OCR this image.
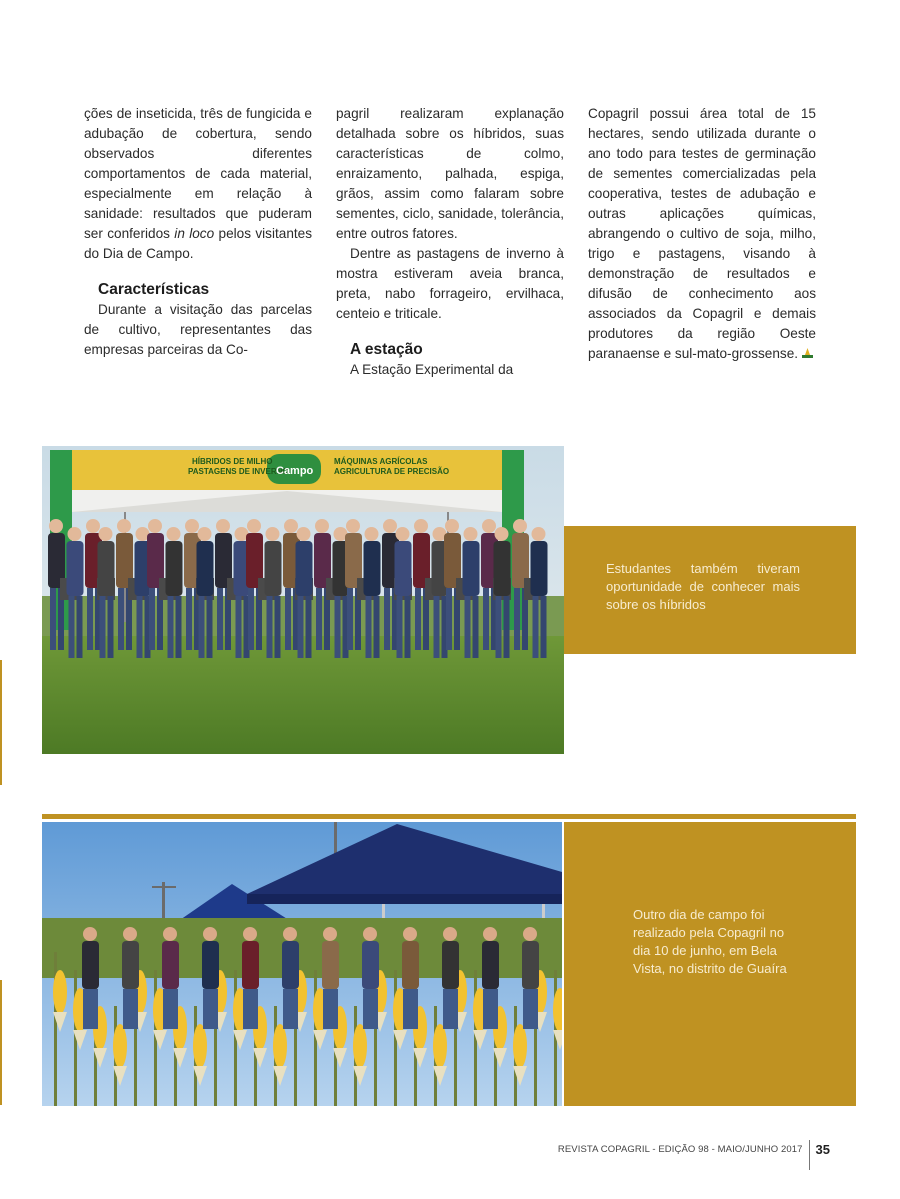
ções de inseticida, três de fungicida e adubação de cobertura, sendo observados diferentes comportamentos de cada material, especialmente em relação à sanidade: resultados que puderam ser conferidos in loco pelos visitantes do Dia de Campo.

Características

Durante a visitação das parcelas de cultivo, representantes das empresas parceiras da Co-

pagril realizaram explanação detalhada sobre os híbridos, suas características de colmo, enraizamento, palhada, espiga, grãos, assim como falaram sobre sementes, ciclo, sanidade, tolerância, entre outros fatores.

Dentre as pastagens de inverno à mostra estiveram aveia branca, preta, nabo forrageiro, ervilhaca, centeio e triticale.

A estação

A Estação Experimental da

Copagril possui área total de 15 hectares, sendo utilizada durante o ano todo para testes de germinação de sementes comercializadas pela cooperativa, testes de adubação e outras aplicações químicas, abrangendo o cultivo de soja, milho, trigo e pastagens, visando à demonstração de resultados e difusão de conhecimento aos associados da Copagril e demais produtores da região Oeste paranaense e sul-mato-grossense.

HÍBRIDOS DE MILHO
PASTAGENS DE INVERNO
Campo
MÁQUINAS AGRÍCOLAS
AGRICULTURA DE PRECISÃO
Estudantes também tiveram oportunidade de conhecer mais sobre os híbridos
Outro dia de campo foi realizado pela Copagril no dia 10 de junho, em Bela Vista, no distrito de Guaíra
REVISTA COPAGRIL - EDIÇÃO 98 - MAIO/JUNHO 2017 35
